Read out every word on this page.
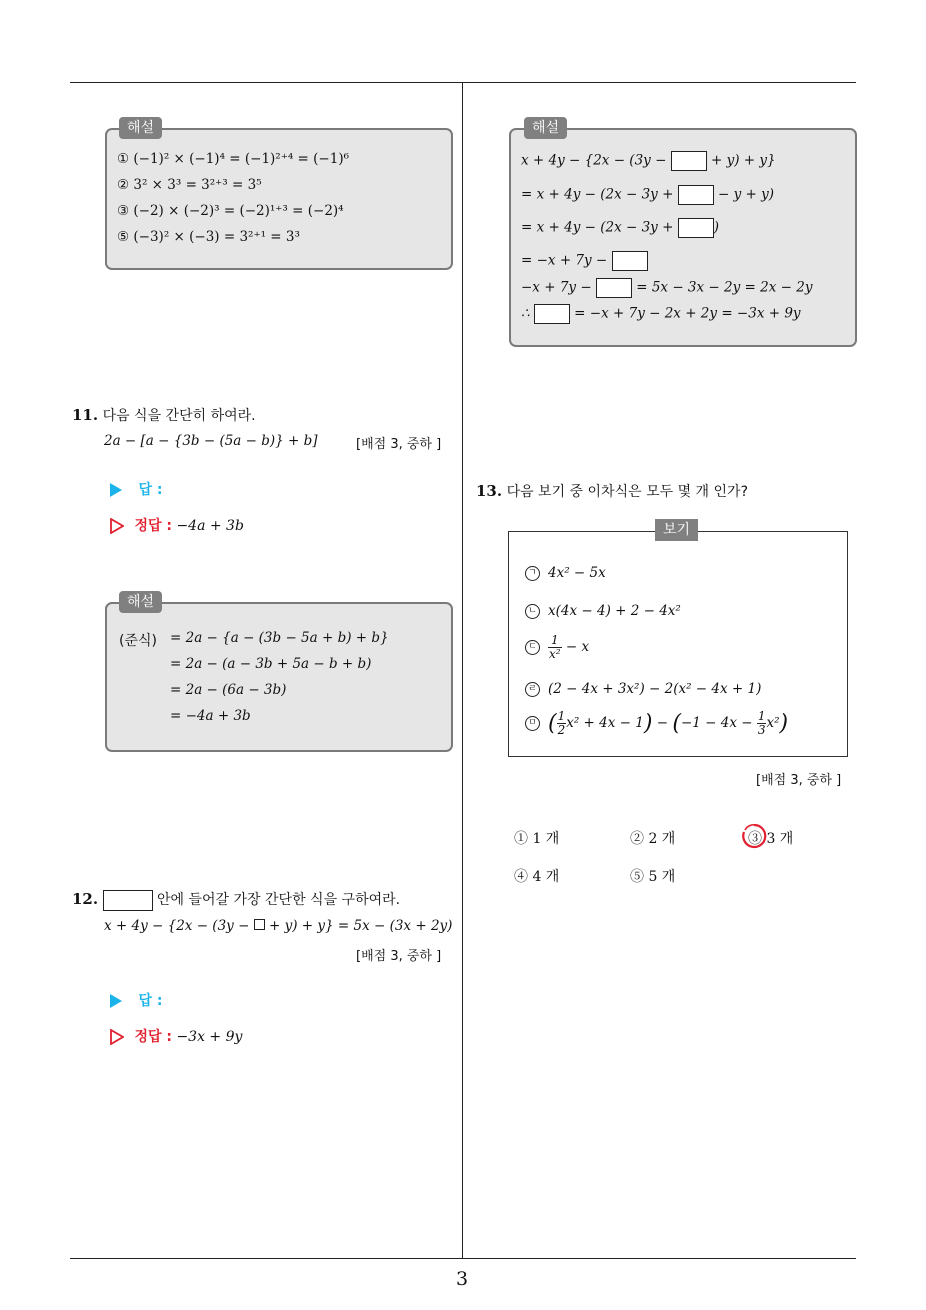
해설
① (−1)² × (−1)⁴ = (−1)²⁺⁴ = (−1)⁶
② 3² × 3³ = 3²⁺³ = 3⁵
③ (−2) × (−2)³ = (−2)¹⁺³ = (−2)⁴
⑤ (−3)² × (−3) = 3²⁺¹ = 3³
11. 다음 식을 간단히 하여라.
2a − [a − {3b − (5a − b)} + b]	[배점 3, 중하 ]
답 :
정답 : −4a + 3b
해설
(준식) = 2a − {a − (3b − 5a + b) + b}
= 2a − (a − 3b + 5a − b + b)
= 2a − (6a − 3b)
= −4a + 3b
12.	안에 들어갈 가장 간단한 식을 구하여라.
x + 4y − {2x − (3y −  + y) + y} = 5x − (3x + 2y)
[배점 3, 중하 ]
답 :
정답 : −3x + 9y
해설
x + 4y − {2x − (3y −	+ y) + y}
= x + 4y − (2x − 3y +	− y + y)
= x + 4y − (2x − 3y +	)
= −x + 7y −
−x + 7y −	= 5x − 3x − 2y = 2x − 2y
∴	= −x + 7y − 2x + 2y = −3x + 9y
13. 다음 보기 중 이차식은 모두 몇 개 인가?
보기
ㄱ 4x² − 5x
ㄴ x(4x − 4) + 2 − 4x²
ㄷ $\frac{1}{\text{x²}} - x$
ㄹ (2 − 4x + 3x²) − 2(x² − 4x + 1)
ㅁ ( $\frac{1}{2} x^2 + 4x - 1) - (-1 - 4x - \frac{1}{3} x^2)$
[배점 3, 중하 ]
① 1 개	② 2 개	③ 3 개
④ 4 개	⑤ 5 개
3
